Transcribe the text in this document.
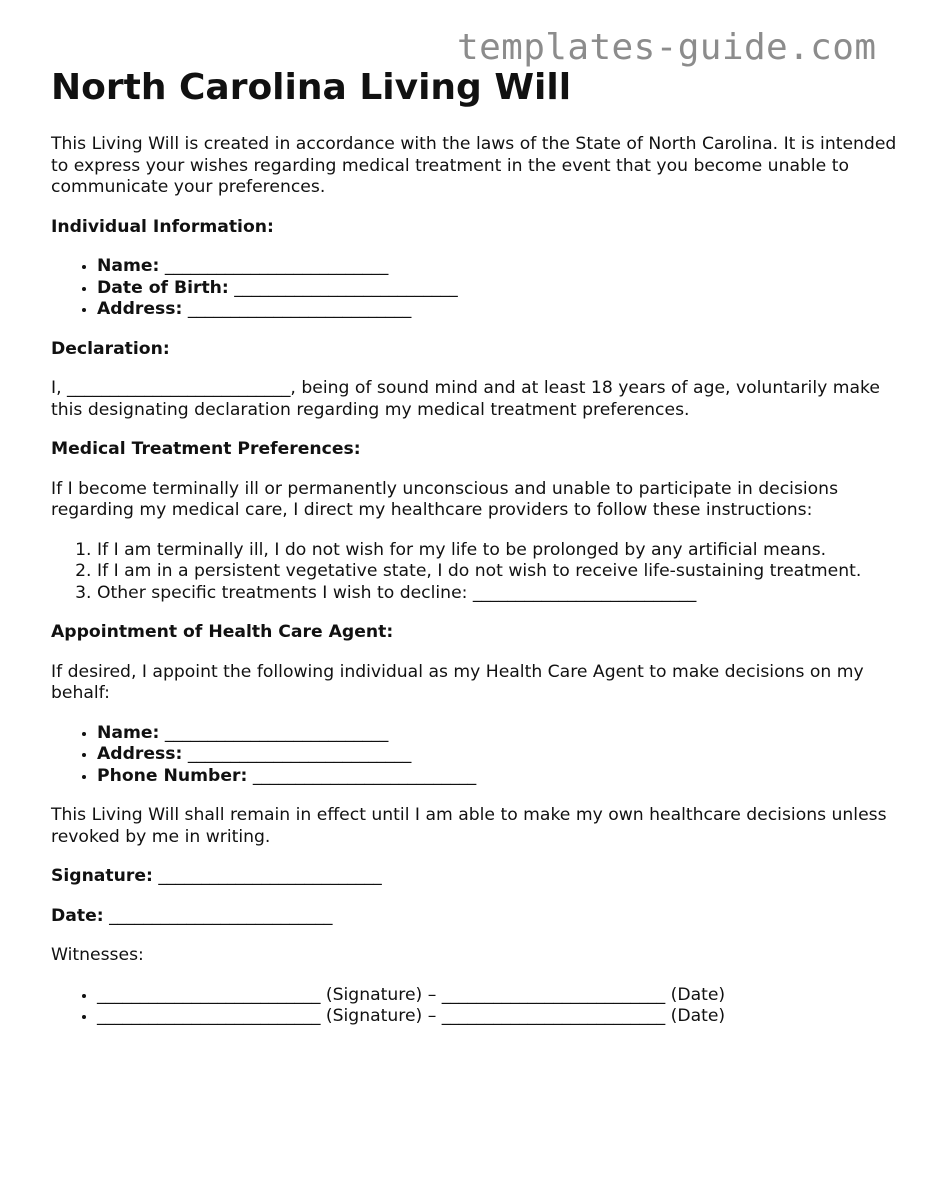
templates-guide.com
North Carolina Living Will

This Living Will is created in accordance with the laws of the State of North Carolina. It is intended to express your wishes regarding medical treatment in the event that you become unable to communicate your preferences.

Individual Information:

• Name: __________________________
• Date of Birth: __________________________
• Address: __________________________

Declaration:

I, __________________________, being of sound mind and at least 18 years of age, voluntarily make this designating declaration regarding my medical treatment preferences.

Medical Treatment Preferences:

If I become terminally ill or permanently unconscious and unable to participate in decisions regarding my medical care, I direct my healthcare providers to follow these instructions:

1. If I am terminally ill, I do not wish for my life to be prolonged by any artificial means.
2. If I am in a persistent vegetative state, I do not wish to receive life-sustaining treatment.
3. Other specific treatments I wish to decline: __________________________

Appointment of Health Care Agent:

If desired, I appoint the following individual as my Health Care Agent to make decisions on my behalf:

• Name: __________________________
• Address: __________________________
• Phone Number: __________________________

This Living Will shall remain in effect until I am able to make my own healthcare decisions unless revoked by me in writing.

Signature: __________________________

Date: __________________________

Witnesses:

• __________________________ (Signature) – __________________________ (Date)
• __________________________ (Signature) – __________________________ (Date)
